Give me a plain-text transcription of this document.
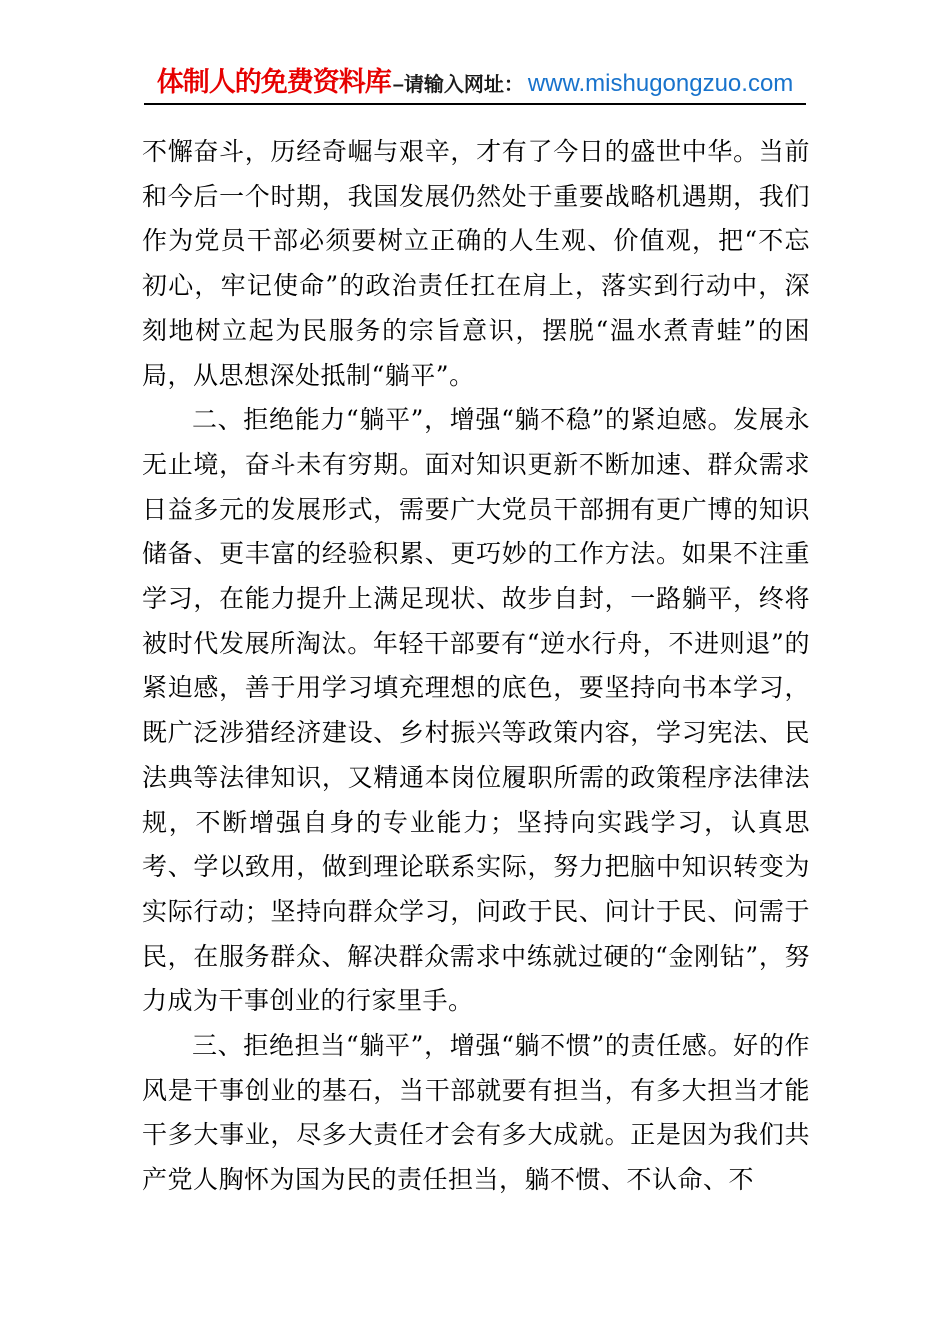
体制人的免费资料库 –请输入网址： www.mishugongzuo.com

不懈奋斗，历经奇崛与艰辛，才有了今日的盛世中华。当前和今后一个时期，我国发展仍然处于重要战略机遇期，我们作为党员干部必须要树立正确的人生观、价值观，把“不忘初心，牢记使命”的政治责任扛在肩上，落实到行动中，深刻地树立起为民服务的宗旨意识，摆脱“温水煮青蛙”的困局，从思想深处抵制“躺平”。

二、拒绝能力“躺平”，增强“躺不稳”的紧迫感。发展永无止境，奋斗未有穷期。面对知识更新不断加速、群众需求日益多元的发展形式，需要广大党员干部拥有更广博的知识储备、更丰富的经验积累、更巧妙的工作方法。如果不注重学习，在能力提升上满足现状、故步自封，一路躺平，终将被时代发展所淘汰。年轻干部要有“逆水行舟，不进则退”的紧迫感，善于用学习填充理想的底色，要坚持向书本学习，既广泛涉猎经济建设、乡村振兴等政策内容，学习宪法、民法典等法律知识，又精通本岗位履职所需的政策程序法律法规，不断增强自身的专业能力；坚持向实践学习，认真思考、学以致用，做到理论联系实际，努力把脑中知识转变为实际行动；坚持向群众学习，问政于民、问计于民、问需于民，在服务群众、解决群众需求中练就过硬的“金刚钻”，努力成为干事创业的行家里手。

三、拒绝担当“躺平”，增强“躺不惯”的责任感。好的作风是干事创业的基石，当干部就要有担当，有多大担当才能干多大事业，尽多大责任才会有多大成就。正是因为我们共产党人胸怀为国为民的责任担当，躺不惯、不认命、不
